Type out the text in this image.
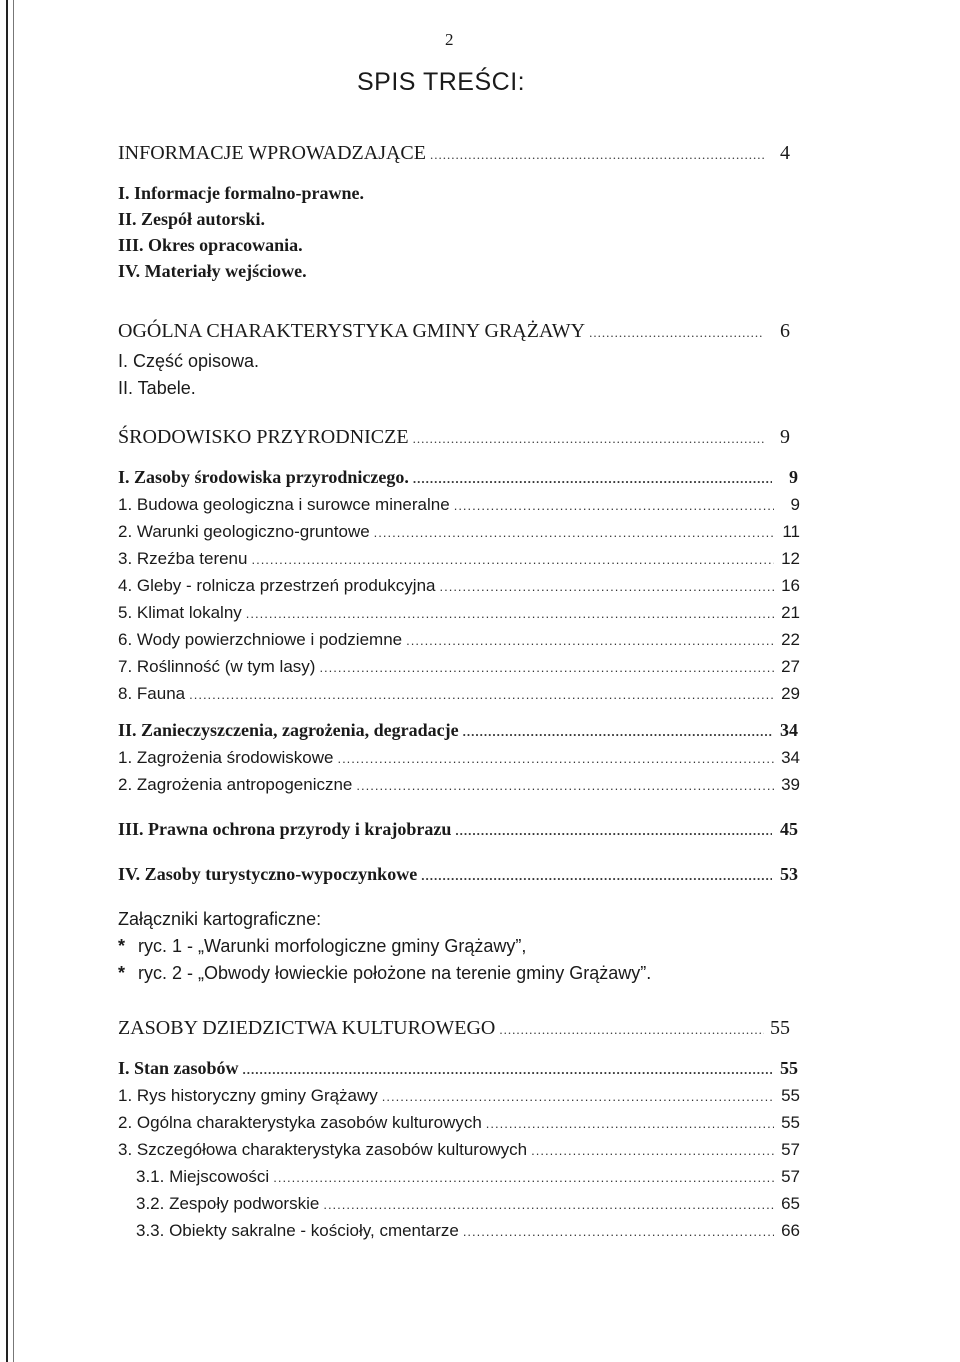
2
SPIS TREŚCI:
INFORMACJE WPROWADZAJĄCE .....	4
I. Informacje formalno-prawne.
II. Zespół autorski.
III. Okres opracowania.
IV. Materiały wejściowe.
OGÓLNA CHARAKTERYSTYKA GMINY GRĄŻAWY .....	6
I. Część opisowa.
II. Tabele.
ŚRODOWISKO PRZYRODNICZE .....	9
I. Zasoby środowiska przyrodniczego. .....	9
1. Budowa geologiczna i surowce mineralne .....	9
2. Warunki geologiczno-gruntowe .....	11
3. Rzeźba terenu .....	12
4. Gleby - rolnicza przestrzeń produkcyjna .....	16
5. Klimat lokalny .....	21
6. Wody powierzchniowe i podziemne .....	22
7. Roślinność (w tym lasy) .....	27
8. Fauna .....	29
II. Zanieczyszczenia, zagrożenia, degradacje .....	34
1. Zagrożenia środowiskowe .....	34
2. Zagrożenia antropogeniczne .....	39
III. Prawna ochrona przyrody i krajobrazu .....	45
IV. Zasoby turystyczno-wypoczynkowe .....	53
Załączniki kartograficzne:
* ryc. 1 - „Warunki morfologiczne gminy Grążawy”,
* ryc. 2 - „Obwody łowieckie położone na terenie gminy Grążawy”.
ZASOBY DZIEDZICTWA KULTUROWEGO .....	55
I. Stan zasobów .....	55
1. Rys historyczny gminy Grążawy .....	55
2. Ogólna charakterystyka zasobów kulturowych .....	55
3. Szczegółowa charakterystyka zasobów kulturowych .....	57
3.1. Miejscowości .....	57
3.2. Zespoły podworskie .....	65
3.3. Obiekty sakralne - kościoły, cmentarze .....	66
